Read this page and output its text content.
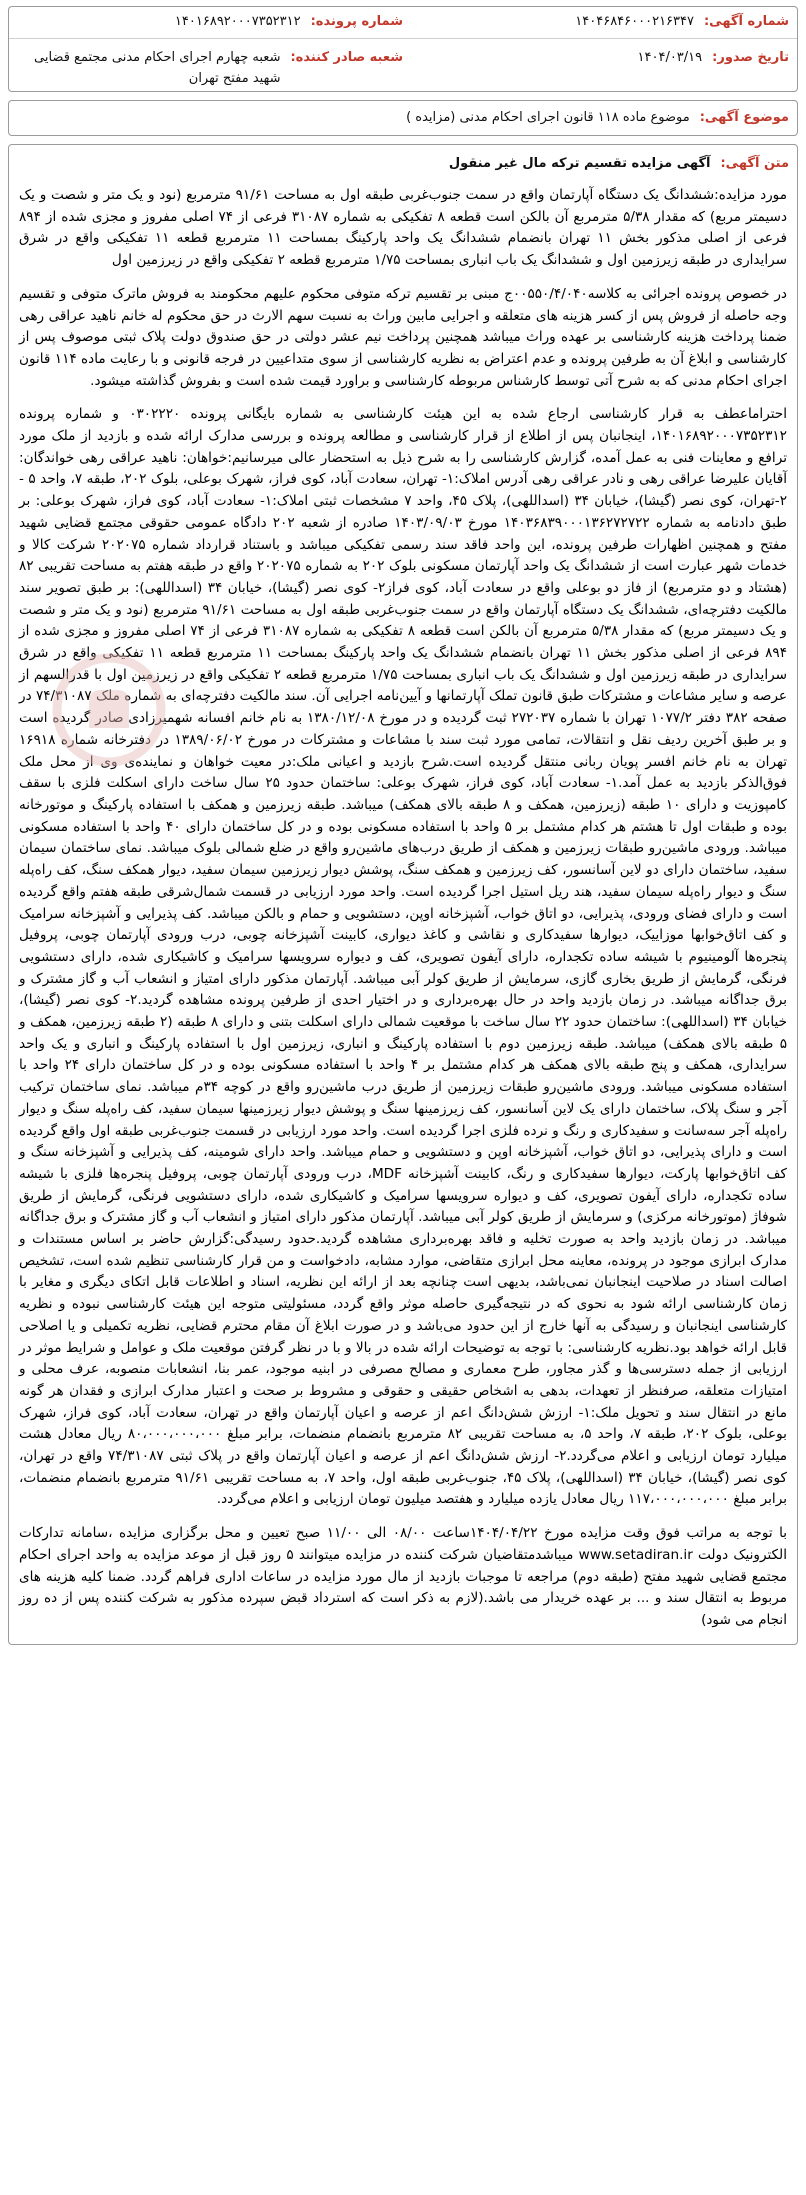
شماره آگهی:
۱۴۰۴۶۸۴۶۰۰۰۲۱۶۳۴۷
شماره پرونده:
۱۴۰۱۶۸۹۲۰۰۰۷۳۵۲۳۱۲
تاریخ صدور:
۱۴۰۴/۰۳/۱۹
شعبه صادر کننده:
شعبه چهارم اجرای احکام مدنی مجتمع قضایی شهید مفتح تهران
موضوع آگهی:
موضوع ماده ۱۱۸ قانون اجرای احکام مدنی (مزایده )
متن آگهی:
آگهی مزایده تقسیم ترکه مال غیر منقول

مورد مزایده:ششدانگ یک دستگاه آپارتمان واقع در سمت جنوب‌غربی طبقه اول به مساحت ۹۱/۶۱ مترمربع (نود و یک متر و شصت و یک دسیمتر مربع) که مقدار ۵/۳۸ مترمربع آن بالکن است قطعه ۸ تفکیکی به شماره ۳۱۰۸۷ فرعی از ۷۴ اصلی مفروز و مجزی شده از ۸۹۴ فرعی از اصلی مذکور بخش ۱۱ تهران بانضمام ششدانگ یک واحد پارکینگ بمساحت ۱۱ مترمربع قطعه ۱۱ تفکیکی واقع در شرق سرایداری در طبقه زیرزمین اول و ششدانگ یک باب انباری بمساحت ۱/۷۵ مترمربع قطعه ۲ تفکیکی واقع در زیرزمین اول

در خصوص پرونده اجرائی به کلاسه۰۰۵۵۰/۴/۰۴۰ج مبنی بر تقسیم ترکه متوفی محکوم علیهم محکومند به فروش ماترک متوفی و تقسیم وجه حاصله از فروش پس از کسر هزینه های متعلقه و اجرایی مابین وراث به نسبت سهم الارث در حق محکوم له خانم ناهید عراقی رهی ضمنا پرداخت هزینه کارشناسی بر عهده وراث میباشد همچنین پرداخت نیم عشر دولتی در حق صندوق دولت پلاک ثبتی موصوف پس از کارشناسی و ابلاغ آن به طرفین پرونده و عدم اعتراض به نظریه کارشناسی از سوی متداعیین در فرجه قانونی و با رعایت ماده ۱۱۴ قانون اجرای احکام مدنی که به شرح آتی توسط کارشناس مربوطه کارشناسی و براورد قیمت شده است و بفروش گذاشته میشود.

احتراما‌عطف به قرار کارشناسی ارجاع شده به این هیئت کارشناسی به شماره بایگانی پرونده ۰۳۰۲۲۲۰ و شماره پرونده ۱۴۰۱۶۸۹۲۰۰۰۷۳۵۲۳۱۲، اینجانبان پس از اطلاع از قرار کارشناسی و مطالعه پرونده و بررسی مدارک ارائه شده و بازدید از ملک مورد ترافع و معاینات فنی به عمل آمده، گزارش کارشناسی را به شرح ذیل به استحضار عالی میرسانیم:خواهان: ناهید عراقی رهی خواندگان: آقایان علیرضا عراقی رهی و نادر عراقی رهی آدرس املاک:۱- تهران، سعادت آباد، کوی فراز، شهرک بوعلی، بلوک ۲۰۲، طبقه ۷، واحد ۵ - ۲-تهران، کوی نصر (گیشا)، خیابان ۳۴ (اسداللهی)، پلاک ۴۵، واحد ۷ مشخصات ثبتی املاک:۱- سعادت آباد، کوی فراز، شهرک بوعلی: بر طبق دادنامه به شماره ۱۴۰۳۶۸۳۹۰۰۰۱۳۶۲۷۲۷۲۲ مورخ ۱۴۰۳/۰۹/۰۳ صادره از شعبه ۲۰۲ دادگاه عمومی حقوقی مجتمع قضایی شهید مفتح و همچنین اظهارات طرفین پرونده، این واحد فاقد سند رسمی تفکیکی میباشد و باستناد قرارداد شماره ۲۰۲۰۷۵ شرکت کالا و خدمات شهر عبارت است از ششدانگ یک واحد آپارتمان مسکونی بلوک ۲۰۲ به شماره ۲۰۲۰۷۵ واقع در طبقه هفتم به مساحت تقریبی ۸۲ (هشتاد و دو مترمربع) از فاز دو بوعلی واقع در سعادت آباد، کوی فراز۲- کوی نصر (گیشا)، خیابان ۳۴ (اسداللهی): بر طبق تصویر سند مالکیت دفترچه‌ای، ششدانگ یک دستگاه آپارتمان واقع در سمت جنوب‌غربی طبقه اول به مساحت ۹۱/۶۱ مترمربع (نود و یک متر و شصت و یک دسیمتر مربع) که مقدار ۵/۳۸ مترمربع آن بالکن است قطعه ۸ تفکیکی به شماره ۳۱۰۸۷ فرعی از ۷۴ اصلی مفروز و مجزی شده از ۸۹۴ فرعی از اصلی مذکور بخش ۱۱ تهران بانضمام ششدانگ یک واحد پارکینگ بمساحت ۱۱ مترمربع قطعه ۱۱ تفکیکی واقع در شرق سرایداری در طبقه زیرزمین اول و ششدانگ یک باب انباری بمساحت ۱/۷۵ مترمربع قطعه ۲ تفکیکی واقع در زیرزمین اول با قدرالسهم از عرصه و سایر مشاعات و مشترکات طبق قانون تملک آپارتمانها و آیین‌نامه اجرایی آن. سند مالکیت دفترچه‌ای به شماره ملک ۷۴/۳۱۰۸۷ در صفحه ۳۸۲ دفتر ۱۰۷۷/۲ تهران با شماره ۲۷۲۰۳۷ ثبت گردیده و در مورخ ۱۳۸۰/۱۲/۰۸ به نام خانم افسانه شهمیرزادی صادر گردیده است و بر طبق آخرین ردیف نقل و انتقالات، تمامی مورد ثبت سند با مشاعات و مشترکات در مورخ ۱۳۸۹/۰۶/۰۲ در دفترخانه شماره ۱۶۹۱۸ تهران به نام خانم افسر پویان ربانی منتقل گردیده است.شرح بازدید و اعیانی ملک:در معیت خواهان و نماینده‌ی وی از محل ملک فوق‌الذکر بازدید به عمل آمد.۱- سعادت آباد، کوی فراز، شهرک بوعلی: ساختمان حدود ۲۵ سال ساخت دارای اسکلت فلزی با سقف کامپوزیت و دارای ۱۰ طبقه (زیرزمین، همکف و ۸ طبقه بالای همکف) میباشد. طبقه زیرزمین و همکف با استفاده پارکینگ و موتورخانه بوده و طبقات اول تا هشتم هر کدام مشتمل بر ۵ واحد با استفاده مسکونی بوده و در کل ساختمان دارای ۴۰ واحد با استفاده مسکونی میباشد. ورودی ماشین‌رو طبقات زیرزمین و همکف از طریق درب‌های ماشین‌رو واقع در ضلع شمالی بلوک میباشد. نمای ساختمان سیمان سفید، ساختمان دارای دو لاین آسانسور، کف زیرزمین و همکف سنگ، پوشش دیوار زیرزمین سیمان سفید، دیوار همکف سنگ، کف راه‌پله سنگ و دیوار راه‌پله سیمان سفید، هند ریل استیل اجرا گردیده است. واحد مورد ارزیابی در قسمت شمال‌شرقی طبقه هفتم واقع گردیده است و دارای فضای ورودی، پذیرایی، دو اتاق خواب، آشپزخانه اوپن، دستشویی و حمام و بالکن میباشد. کف پذیرایی و آشپزخانه سرامیک و کف اتاق‌خوابها موزاییک، دیوارها سفیدکاری و نقاشی و کاغذ دیواری، کابینت آشپزخانه چوبی، درب ورودی آپارتمان چوبی، پروفیل پنجره‌ها آلومینیوم با شیشه ساده تکجداره، دارای آیفون تصویری، کف و دیواره سرویسها سرامیک و کاشیکاری شده، دارای دستشویی فرنگی، گرمایش از طریق بخاری گازی، سرمایش از طریق کولر آبی میباشد. آپارتمان مذکور دارای امتیاز و انشعاب آب و گاز مشترک و برق جداگانه میباشد. در زمان بازدید واحد در حال بهره‌برداری و در اختیار احدی از طرفین پرونده مشاهده گردید.۲- کوی نصر (گیشا)، خیابان ۳۴ (اسداللهی): ساختمان حدود ۲۲ سال ساخت با موقعیت شمالی دارای اسکلت بتنی و دارای ۸ طبقه (۲ طبقه زیرزمین، همکف و ۵ طبقه بالای همکف) میباشد. طبقه زیرزمین دوم با استفاده پارکینگ و انباری، زیرزمین اول با استفاده پارکینگ و انباری و یک واحد سرایداری، همکف و پنج طبقه بالای همکف هر کدام مشتمل بر ۴ واحد با استفاده مسکونی بوده و در کل ساختمان دارای ۲۴ واحد با استفاده مسکونی میباشد. ورودی ماشین‌رو طبقات زیرزمین از طریق درب ماشین‌رو واقع در کوچه ۳۴م میباشد. نمای ساختمان ترکیب آجر و سنگ پلاک، ساختمان دارای یک لاین آسانسور، کف زیرزمینها سنگ و پوشش دیوار زیرزمینها سیمان سفید، کف راه‌پله سنگ و دیوار راه‌پله آجر سه‌سانت و سفیدکاری و رنگ و نرده فلزی اجرا گردیده است. واحد مورد ارزیابی در قسمت جنوب‌غربی طبقه اول واقع گردیده است و دارای پذیرایی، دو اتاق خواب، آشپزخانه اوپن و دستشویی و حمام میباشد. واحد دارای شومینه، کف پذیرایی و آشپزخانه سنگ و کف اتاق‌خوابها پارکت، دیوارها سفیدکاری و رنگ، کابینت آشپزخانه MDF، درب ورودی آپارتمان چوبی، پروفیل پنجره‌ها فلزی با شیشه ساده تکجداره، دارای آیفون تصویری، کف و دیواره سرویسها سرامیک و کاشیکاری شده، دارای دستشویی فرنگی، گرمایش از طریق شوفاژ (موتورخانه مرکزی) و سرمایش از طریق کولر آبی میباشد. آپارتمان مذکور دارای امتیاز و انشعاب آب و گاز مشترک و برق جداگانه میباشد. در زمان بازدید واحد به صورت تخلیه و فاقد بهره‌برداری مشاهده گردید.حدود رسیدگی:گزارش حاضر بر اساس مستندات و مدارک ابرازی موجود در پرونده، معاینه محل ابرازی متقاضی، موارد مشابه، دادخواست و من قرار کارشناسی تنظیم شده است، تشخیص اصالت اسناد در صلاحیت اینجانبان نمی‌باشد، بدیهی است چنانچه بعد از ارائه این نظریه، اسناد و اطلاعات قابل اتکای دیگری و مغایر با زمان کارشناسی ارائه شود به نحوی که در نتیجه‌گیری حاصله موثر واقع گردد، مسئولیتی متوجه این هیئت کارشناسی نبوده و نظریه کارشناسی اینجانبان و رسیدگی به آنها خارج از این حدود می‌باشد و در صورت ابلاغ آن مقام محترم قضایی، نظریه تکمیلی و یا اصلاحی قابل ارائه خواهد بود.نظریه کارشناسی: با توجه به توضیحات ارائه شده در بالا و با در نظر گرفتن موقعیت ملک و عوامل و شرایط موثر در ارزیابی از جمله دسترسی‌ها و گذر مجاور، طرح معماری و مصالح مصرفی در ابنیه موجود، عمر بنا، انشعابات منصوبه، عرف محلی و امتیازات متعلقه، صرفنظر از تعهدات، بدهی به اشخاص حقیقی و حقوقی و مشروط بر صحت و اعتبار مدارک ابرازی و فقدان هر گونه مانع در انتقال سند و تحویل ملک:۱- ارزش شش‌دانگ اعم از عرصه و اعیان آپارتمان واقع در تهران، سعادت آباد، کوی فراز، شهرک بوعلی، بلوک ۲۰۲، طبقه ۷، واحد ۵، به مساحت تقریبی ۸۲ مترمربع بانضمام منضمات، برابر مبلغ ۸۰،۰۰۰،۰۰۰،۰۰۰ ریال معادل هشت میلیارد تومان ارزیابی و اعلام می‌گردد.۲- ارزش شش‌دانگ اعم از عرصه و اعیان آپارتمان واقع در پلاک ثبتی ۷۴/۳۱۰۸۷ واقع در تهران، کوی نصر (گیشا)، خیابان ۳۴ (اسداللهی)، پلاک ۴۵، جنوب‌غربی طبقه اول، واحد ۷، به مساحت تقریبی ۹۱/۶۱ مترمربع بانضمام منضمات، برابر مبلغ ۱۱۷،۰۰۰،۰۰۰،۰۰۰ ریال معادل یازده میلیارد و هفتصد میلیون تومان ارزیابی و اعلام می‌گردد.

با توجه به مراتب فوق وقت مزایده مورخ ۱۴۰۴/۰۴/۲۲ساعت ۰۸/۰۰ الی ۱۱/۰۰ صبح تعیین و محل برگزاری مزایده ،سامانه تدارکات الکترونیک دولت www.setadiran.ir میباشدمتقاضیان شرکت کننده در مزایده میتوانند ۵ روز قبل از موعد مزایده به واحد اجرای احکام مجتمع قضایی شهید مفتح (طبقه دوم) مراجعه تا موجبات بازدید از مال مورد مزایده در ساعات اداری فراهم گردد. ضمنا کلیه هزینه های مربوط به انتقال سند و ... بر عهده خریدار می باشد.(لازم به ذکر است که استرداد قبض سپرده مذکور به شرکت کننده پس از ده روز انجام می شود)
